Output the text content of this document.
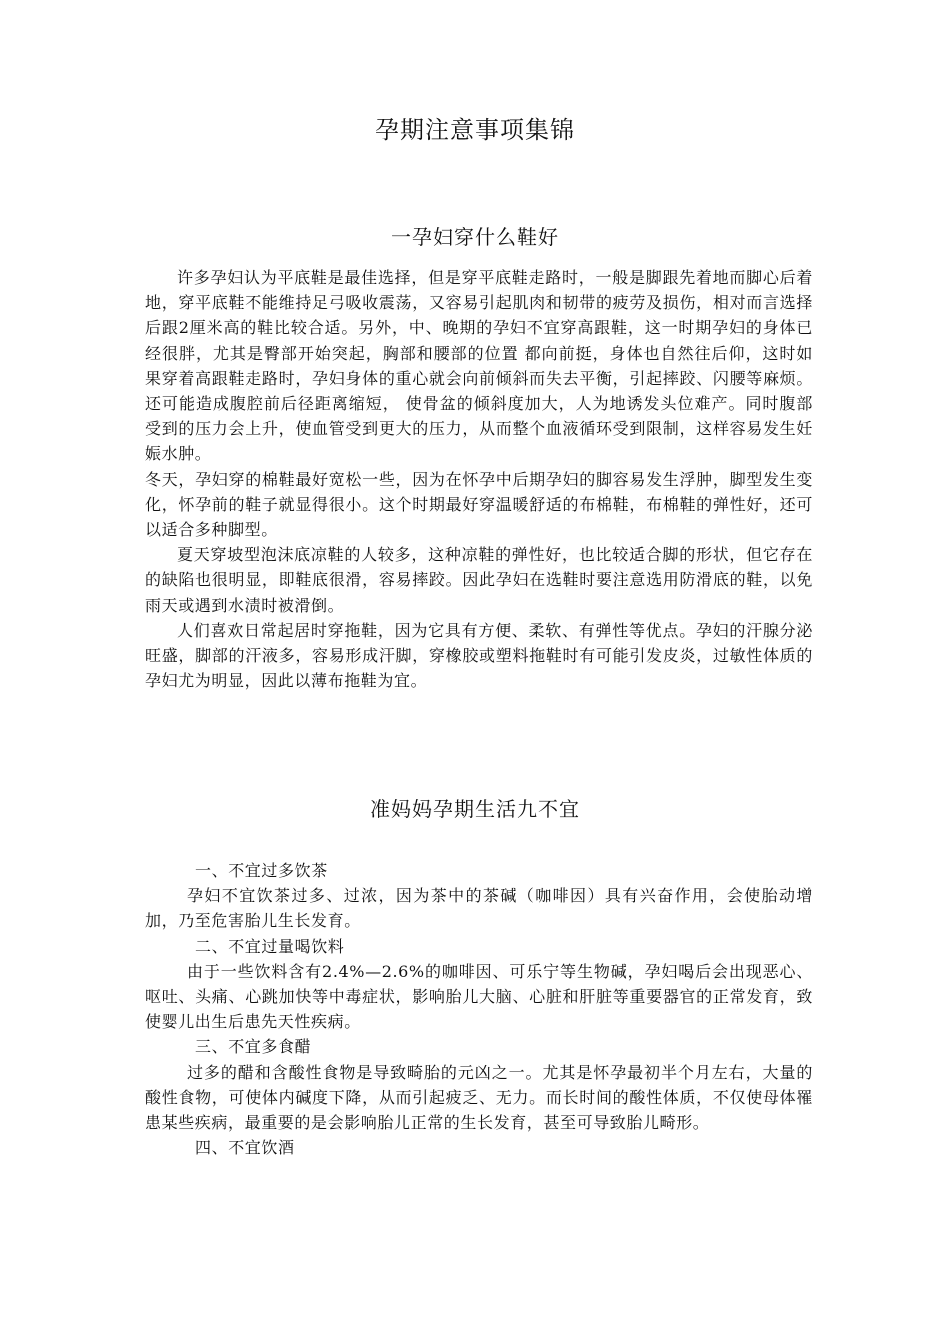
孕期注意事项集锦
一孕妇穿什么鞋好

许多孕妇认为平底鞋是最佳选择，但是穿平底鞋走路时，一般是脚跟先着地而脚心后着地，穿平底鞋不能维持足弓吸收震荡，又容易引起肌肉和韧带的疲劳及损伤，相对而言选择后跟2厘米高的鞋比较合适。另外，中、晚期的孕妇不宜穿高跟鞋，这一时期孕妇的身体已经很胖，尤其是臀部开始突起，胸部和腰部的位置 都向前挺，身体也自然往后仰，这时如果穿着高跟鞋走路时，孕妇身体的重心就会向前倾斜而失去平衡，引起摔跤、闪腰等麻烦。还可能造成腹腔前后径距离缩短， 使骨盆的倾斜度加大，人为地诱发头位难产。同时腹部受到的压力会上升，使血管受到更大的压力，从而整个血液循环受到限制，这样容易发生妊娠水肿。

冬天，孕妇穿的棉鞋最好宽松一些，因为在怀孕中后期孕妇的脚容易发生浮肿，脚型发生变化，怀孕前的鞋子就显得很小。这个时期最好穿温暖舒适的布棉鞋，布棉鞋的弹性好，还可以适合多种脚型。

夏天穿坡型泡沫底凉鞋的人较多，这种凉鞋的弹性好，也比较适合脚的形状，但它存在的缺陷也很明显，即鞋底很滑，容易摔跤。因此孕妇在选鞋时要注意选用防滑底的鞋，以免雨天或遇到水渍时被滑倒。

人们喜欢日常起居时穿拖鞋，因为它具有方便、柔软、有弹性等优点。孕妇的汗腺分泌旺盛，脚部的汗液多，容易形成汗脚，穿橡胶或塑料拖鞋时有可能引发皮炎，过敏性体质的孕妇尤为明显，因此以薄布拖鞋为宜。

准妈妈孕期生活九不宜

一、不宜过多饮茶

孕妇不宜饮茶过多、过浓，因为茶中的茶碱（咖啡因）具有兴奋作用，会使胎动增加，乃至危害胎儿生长发育。

二、不宜过量喝饮料

由于一些饮料含有2.4%—2.6%的咖啡因、可乐宁等生物碱，孕妇喝后会出现恶心、呕吐、头痛、心跳加快等中毒症状，影响胎儿大脑、心脏和肝脏等重要器官的正常发育，致使婴儿出生后患先天性疾病。

三、不宜多食醋

过多的醋和含酸性食物是导致畸胎的元凶之一。尤其是怀孕最初半个月左右，大量的酸性食物，可使体内碱度下降，从而引起疲乏、无力。而长时间的酸性体质，不仅使母体罹患某些疾病，最重要的是会影响胎儿正常的生长发育，甚至可导致胎儿畸形。

四、不宜饮酒
